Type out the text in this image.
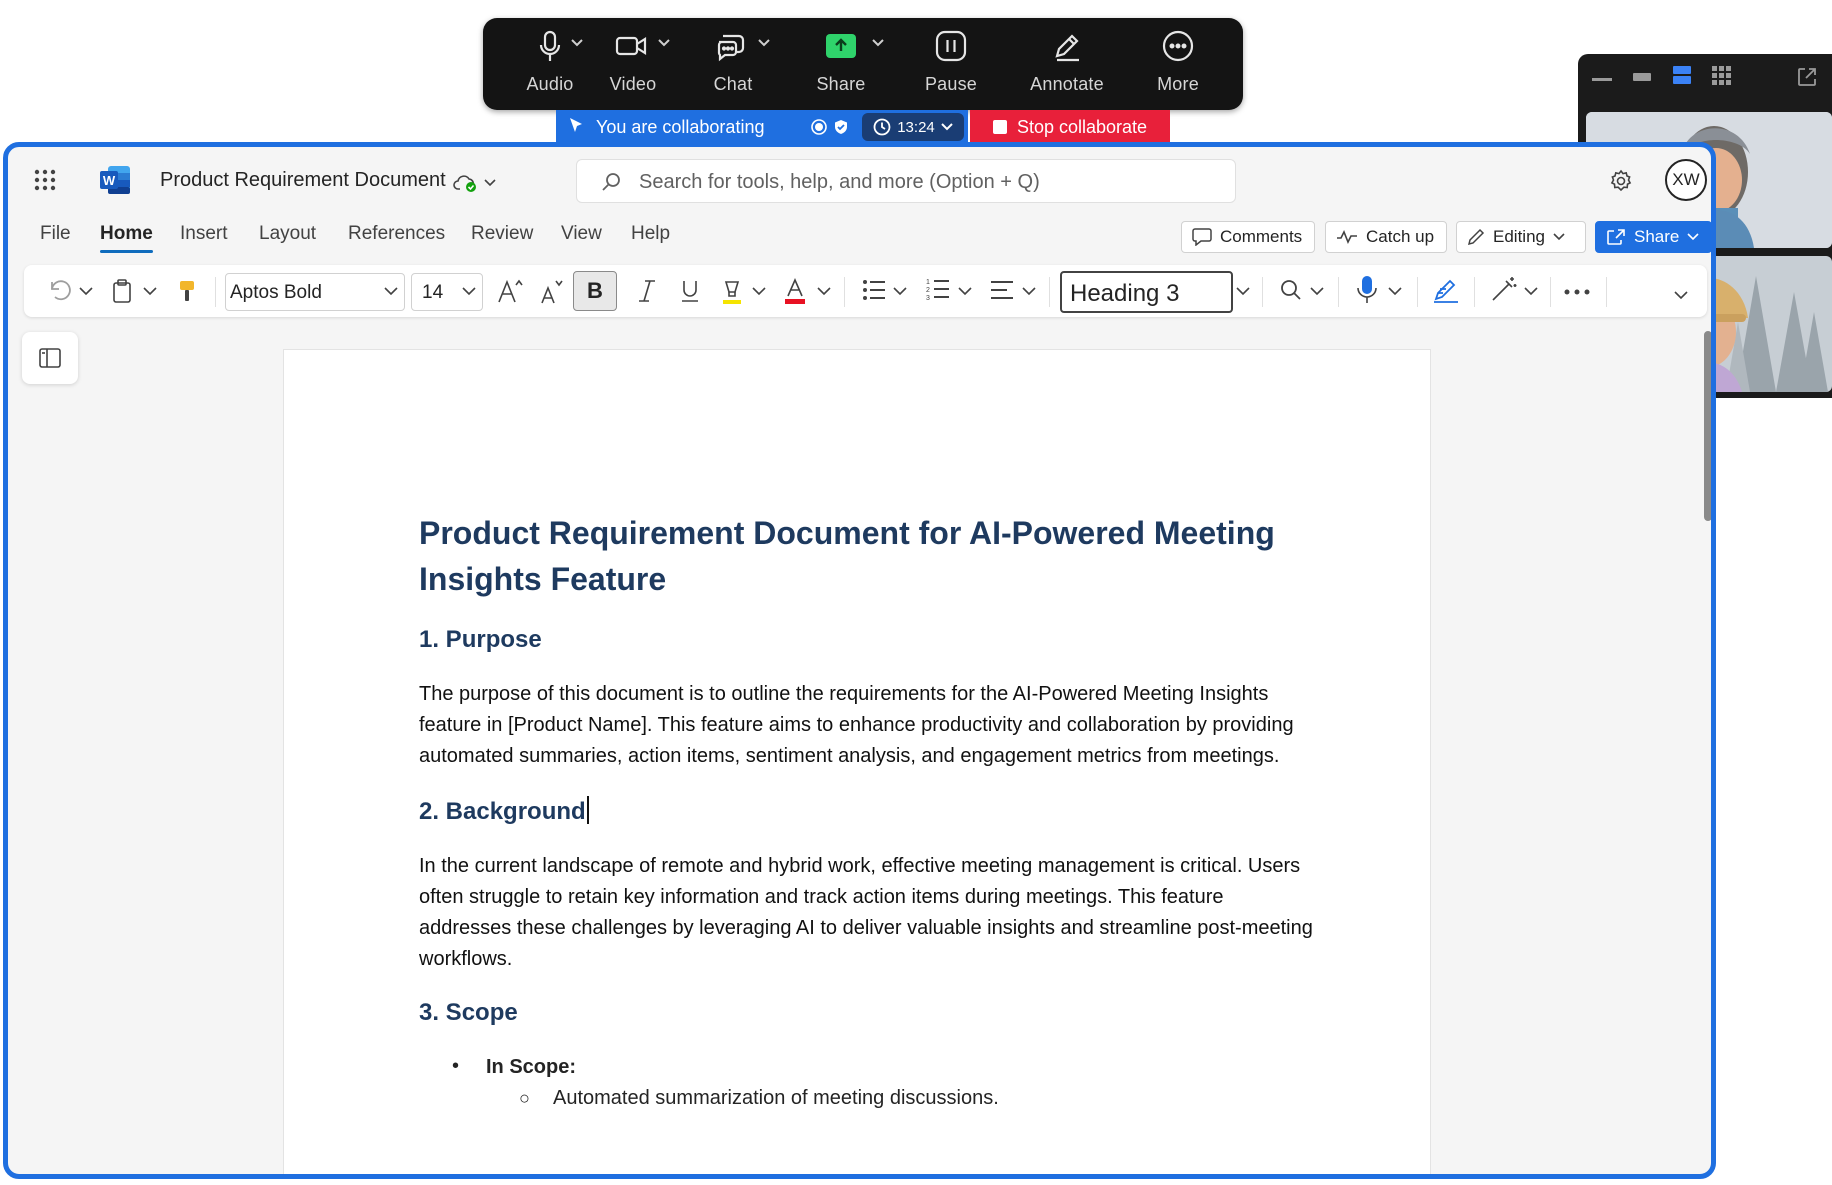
Audio	Video	Chat	Share	Pause	Annotate	More
You are collaborating	13:24	Stop collaborate
W Product Requirement Document
Search for tools, help, and more (Option + Q)	XW
File Home Insert Layout References Review View Help	Comments	Catch up	Editing	Share
Aptos Bold	14	B	1
2
3	Heading 3
Product Requirement Document for AI-Powered Meeting Insights Feature
1. Purpose

The purpose of this document is to outline the requirements for the AI-Powered Meeting Insights feature in [Product Name]. This feature aims to enhance productivity and collaboration by providing automated summaries, action items, sentiment analysis, and engagement metrics from meetings.

2. Background

In the current landscape of remote and hybrid work, effective meeting management is critical. Users often struggle to retain key information and track action items during meetings. This feature addresses these challenges by leveraging AI to deliver valuable insights and streamline post-meeting workflows.

3. Scope
• In Scope:
○ Automated summarization of meeting discussions.
